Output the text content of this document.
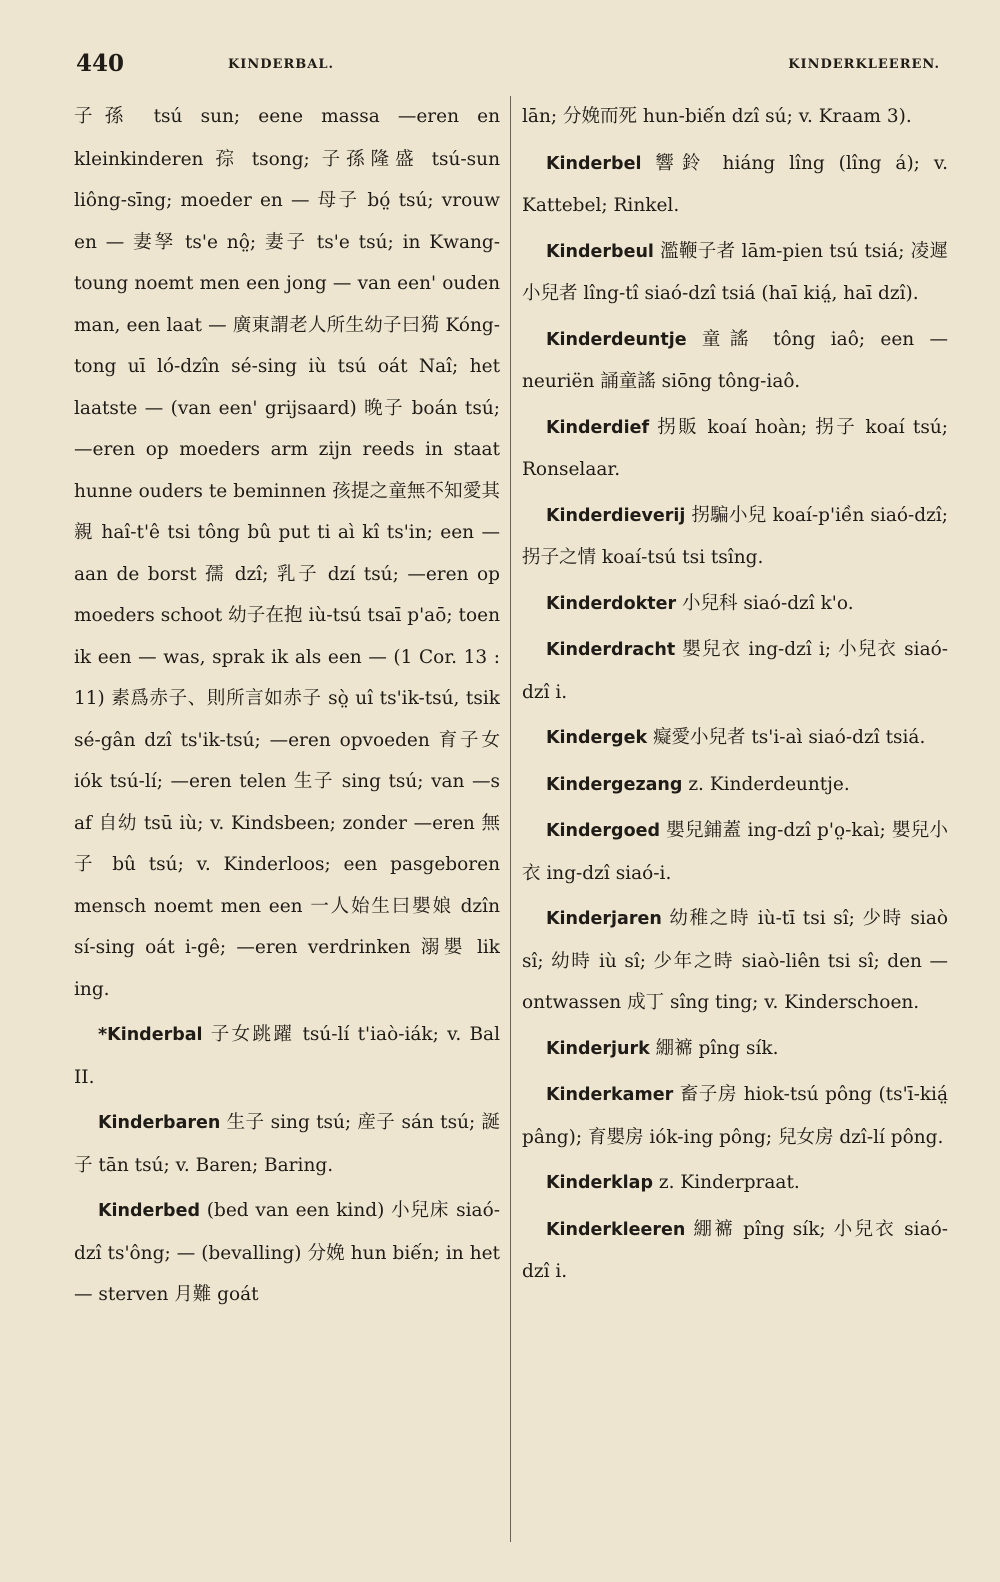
440	KINDERBAL.	KINDERKLEEREN.

子孫 tsú sun; eene massa —eren en kleinkinderen 孮 tsong; 子孫隆盛 tsú-sun liông-sīng; moeder en — 母子 bó̤ tsú; vrouw en — 妻孥 ts'e nô̤; 妻子 ts'e tsú; in Kwang-toung noemt men een jong — van een' ouden man, een laat — 廣東謂老人所生幼子曰㺃 Kóng-tong uī ló-dzîn sé-sing iù tsú oát Naî; het laatste — (van een' grijsaard) 晚子 boán tsú; —eren op moeders arm zijn reeds in staat hunne ouders te beminnen 孩提之童無不知愛其親 haî-t'ê tsi tông bû put ti aì kî ts'in; een — aan de borst 孺 dzî; 乳子 dzí tsú; —eren op moeders schoot 幼子在抱 iù-tsú tsaī p'aō; toen ik een — was, sprak ik als een — (1 Cor. 13 : 11) 素爲赤子、則所言如赤子 sò̤ uî ts'ik-tsú, tsik sé-gân dzî ts'ik-tsú; —eren opvoeden 育子女 iók tsú-lí; —eren telen 生子 sing tsú; van —s af 自幼 tsū iù; v. Kindsbeen; zonder —eren 無子 bû tsú; v. Kinderloos; een pasgeboren mensch noemt men een 一人始生曰嬰娘 dzîn sí-sing oát i-gê; —eren verdrinken 溺嬰 lik ing.

*Kinderbal 子女跳躍 tsú-lí t'iaò-iák; v. Bal II.

Kinderbaren 生子 sing tsú; 産子 sán tsú; 誕子 tān tsú; v. Baren; Baring.

Kinderbed (bed van een kind) 小兒床 siaó-dzî ts'ông; — (bevalling) 分娩 hun biến; in het — sterven 月難 goát

lān; 分娩而死 hun-biến dzî sú; v. Kraam 3).

Kinderbel 響鈴 hiáng lîng (lîng á); v. Kattebel; Rinkel.

Kinderbeul 濫鞭子者 lām-pien tsú tsiá; 凌遲小兒者 lîng-tî siaó-dzî tsiá (haī kiá̤, haī dzî).

Kinderdeuntje 童謠 tông iaô; een — neuriën 誦童謠 siōng tông-iaô.

Kinderdief 拐販 koaí hoàn; 拐子 koaí tsú; Ronselaar.

Kinderdieverij 拐騙小兒 koaí-p'iền siaó-dzî; 拐子之情 koaí-tsú tsi tsîng.

Kinderdokter 小兒科 siaó-dzî k'o.

Kinderdracht 嬰兒衣 ing-dzî i; 小兒衣 siaó-dzî i.

Kindergek 癡愛小兒者 ts'i-aì siaó-dzî tsiá.

Kindergezang z. Kinderdeuntje.

Kindergoed 嬰兒鋪蓋 ing-dzî p'o̤-kaì; 嬰兒小衣 ing-dzî siaó-i.

Kinderjaren 幼稚之時 iù-tī tsi sî; 少時 siaò sî; 幼時 iù sî; 少年之時 siaò-liên tsi sî; den — ontwassen 成丁 sîng ting; v. Kinderschoen.

Kinderjurk 綳褯 pîng sík.

Kinderkamer 畜子房 hiok-tsú pông (ts'ī-kiá̤ pâng); 育嬰房 iók-ing pông; 兒女房 dzî-lí pông.

Kinderklap z. Kinderpraat.

Kinderkleeren 綳褯 pîng sík; 小兒衣 siaó-dzî i.
